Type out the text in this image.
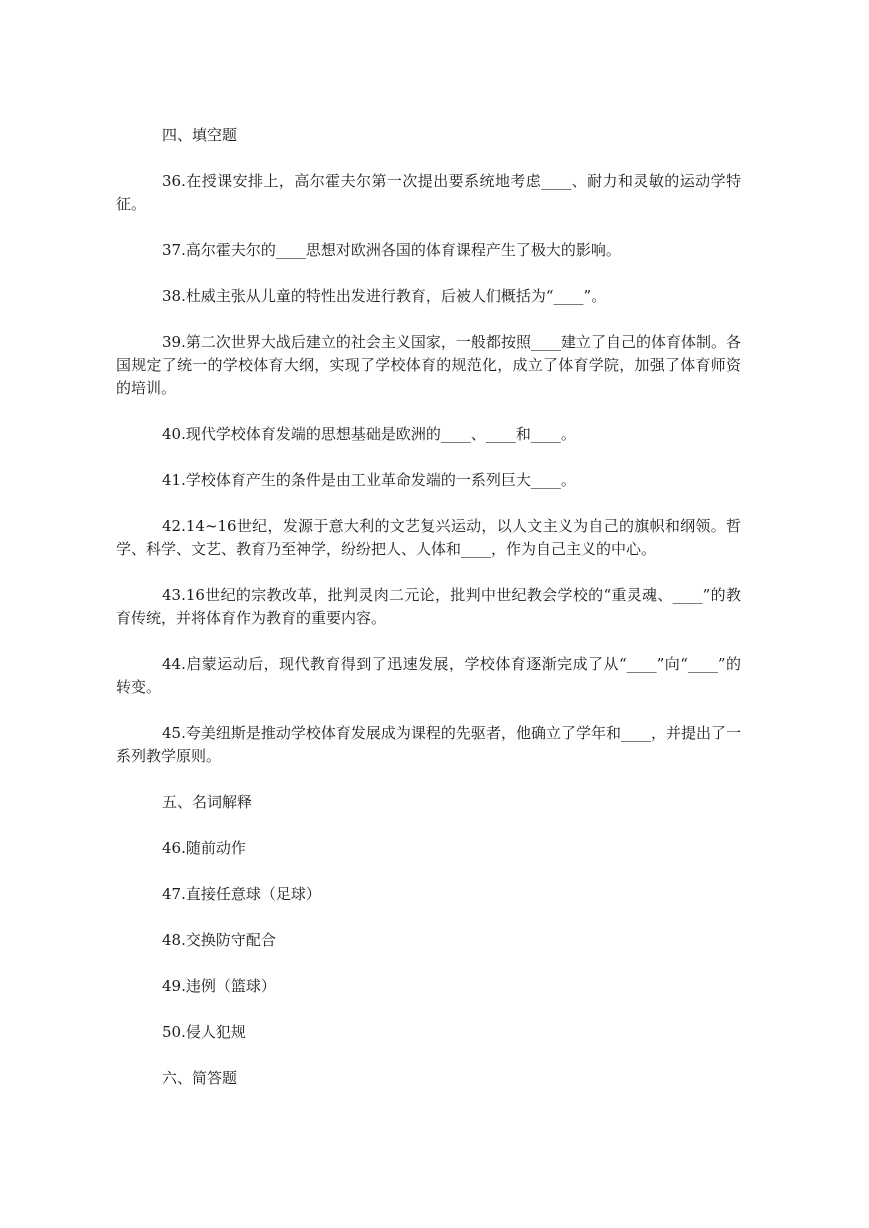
四、填空题

36.在授课安排上，高尔霍夫尔第一次提出要系统地考虑____、耐力和灵敏的运动学特征。

37.高尔霍夫尔的____思想对欧洲各国的体育课程产生了极大的影响。

38.杜威主张从儿童的特性出发进行教育，后被人们概括为“____”。

39.第二次世界大战后建立的社会主义国家，一般都按照____建立了自己的体育体制。各国规定了统一的学校体育大纲，实现了学校体育的规范化，成立了体育学院，加强了体育师资的培训。

40.现代学校体育发端的思想基础是欧洲的____、____和____。

41.学校体育产生的条件是由工业革命发端的一系列巨大____。

42.14~16世纪，发源于意大利的文艺复兴运动，以人文主义为自己的旗帜和纲领。哲学、科学、文艺、教育乃至神学，纷纷把人、人体和____，作为自己主义的中心。

43.16世纪的宗教改革，批判灵肉二元论，批判中世纪教会学校的“重灵魂、____”的教育传统，并将体育作为教育的重要内容。

44.启蒙运动后，现代教育得到了迅速发展，学校体育逐渐完成了从“____”向“____”的转变。

45.夸美纽斯是推动学校体育发展成为课程的先驱者，他确立了学年和____，并提出了一系列教学原则。

五、名词解释

46.随前动作

47.直接任意球（足球）

48.交换防守配合

49.违例（篮球）

50.侵人犯规

六、简答题
